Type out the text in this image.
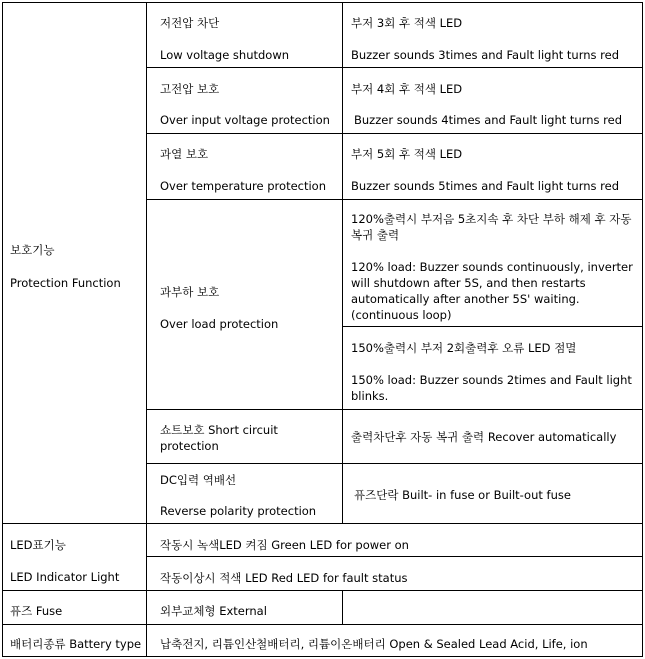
보호기능
Protection Function
저전압 차단
Low voltage shutdown
부저 3회 후 적색 LED
Buzzer sounds 3times and Fault light turns red
고전압 보호
Over input voltage protection
부저 4회 후 적색 LED
Buzzer sounds 4times and Fault light turns red
과열 보호
Over temperature protection
부저 5회 후 적색 LED
Buzzer sounds 5times and Fault light turns red
과부하 보호
Over load protection
120%출력시 부저음 5초지속 후 차단 부하 해제 후 자동 복귀 출력
120% load: Buzzer sounds continuously, inverter will shutdown after 5S, and then restarts automatically after another 5S' waiting. (continuous loop)
150%출력시 부저 2회출력후 오류 LED 점멸
150% load: Buzzer sounds 2times and Fault light blinks.
쇼트보호 Short circuit protection
출력차단후 자동 복귀 출력 Recover automatically
DC입력 역배선
Reverse polarity protection
퓨즈단락 Built- in fuse or Built-out fuse
LED표기능
LED Indicator Light
작동시 녹색LED 켜짐 Green LED for power on
작동이상시 적색 LED Red LED for fault status
퓨즈 Fuse	외부교체형 External
배터리종류 Battery type 납축전지, 리튬인산철배터리, 리튬이온배터리 Open & Sealed Lead Acid, Life, ion
